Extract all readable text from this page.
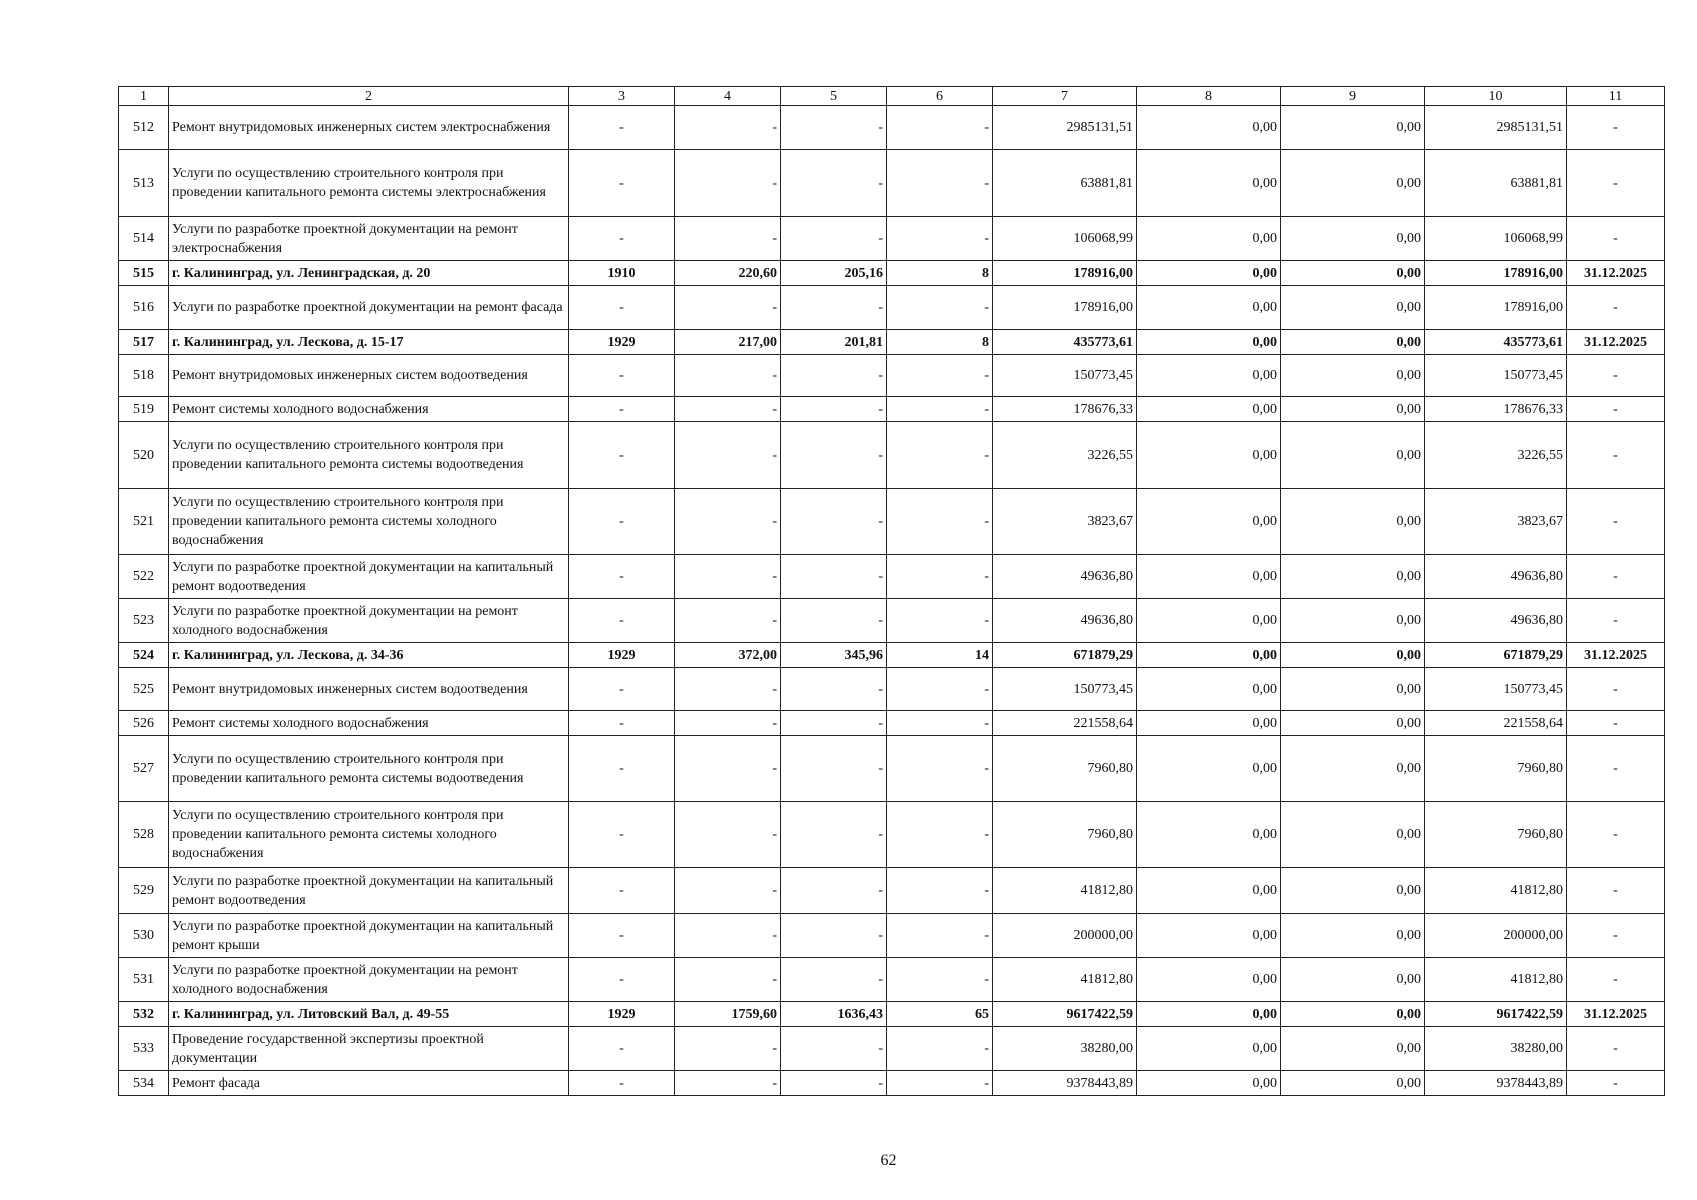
1	2	3	4	5	6	7	8	9	10	11
512	Ремонт внутридомовых инженерных систем электроснабжения	-	-	-	-	2985131,51	0,00	0,00	2985131,51	-
513	Услуги по осуществлению строительного контроля при проведении капитального ремонта системы электроснабжения	-	-	-	-	63881,81	0,00	0,00	63881,81	-
514	Услуги по разработке проектной документации на ремонт электроснабжения	-	-	-	-	106068,99	0,00	0,00	106068,99	-
515	г. Калининград, ул. Ленинградская, д. 20	1910	220,60	205,16	8	178916,00	0,00	0,00	178916,00	31.12.2025
516	Услуги по разработке проектной документации на ремонт фасада	-	-	-	-	178916,00	0,00	0,00	178916,00	-
517	г. Калининград, ул. Лескова, д. 15-17	1929	217,00	201,81	8	435773,61	0,00	0,00	435773,61	31.12.2025
518	Ремонт внутридомовых инженерных систем водоотведения	-	-	-	-	150773,45	0,00	0,00	150773,45	-
519	Ремонт системы холодного водоснабжения	-	-	-	-	178676,33	0,00	0,00	178676,33	-
520	Услуги по осуществлению строительного контроля при проведении капитального ремонта системы водоотведения	-	-	-	-	3226,55	0,00	0,00	3226,55	-
521	Услуги по осуществлению строительного контроля при проведении капитального ремонта системы холодного водоснабжения	-	-	-	-	3823,67	0,00	0,00	3823,67	-
522	Услуги по разработке проектной документации на капитальный ремонт водоотведения	-	-	-	-	49636,80	0,00	0,00	49636,80	-
523	Услуги по разработке проектной документации на ремонт холодного водоснабжения	-	-	-	-	49636,80	0,00	0,00	49636,80	-
524	г. Калининград, ул. Лескова, д. 34-36	1929	372,00	345,96	14	671879,29	0,00	0,00	671879,29	31.12.2025
525	Ремонт внутридомовых инженерных систем водоотведения	-	-	-	-	150773,45	0,00	0,00	150773,45	-
526	Ремонт системы холодного водоснабжения	-	-	-	-	221558,64	0,00	0,00	221558,64	-
527	Услуги по осуществлению строительного контроля при проведении капитального ремонта системы водоотведения	-	-	-	-	7960,80	0,00	0,00	7960,80	-
528	Услуги по осуществлению строительного контроля при проведении капитального ремонта системы холодного водоснабжения	-	-	-	-	7960,80	0,00	0,00	7960,80	-
529	Услуги по разработке проектной документации на капитальный ремонт водоотведения	-	-	-	-	41812,80	0,00	0,00	41812,80	-
530	Услуги по разработке проектной документации на капитальный ремонт крыши	-	-	-	-	200000,00	0,00	0,00	200000,00	-
531	Услуги по разработке проектной документации на ремонт холодного водоснабжения	-	-	-	-	41812,80	0,00	0,00	41812,80	-
532	г. Калининград, ул. Литовский Вал, д. 49-55	1929	1759,60	1636,43	65	9617422,59	0,00	0,00	9617422,59	31.12.2025
533	Проведение государственной экспертизы проектной документации	-	-	-	-	38280,00	0,00	0,00	38280,00	-
534	Ремонт фасада	-	-	-	-	9378443,89	0,00	0,00	9378443,89	-
62
